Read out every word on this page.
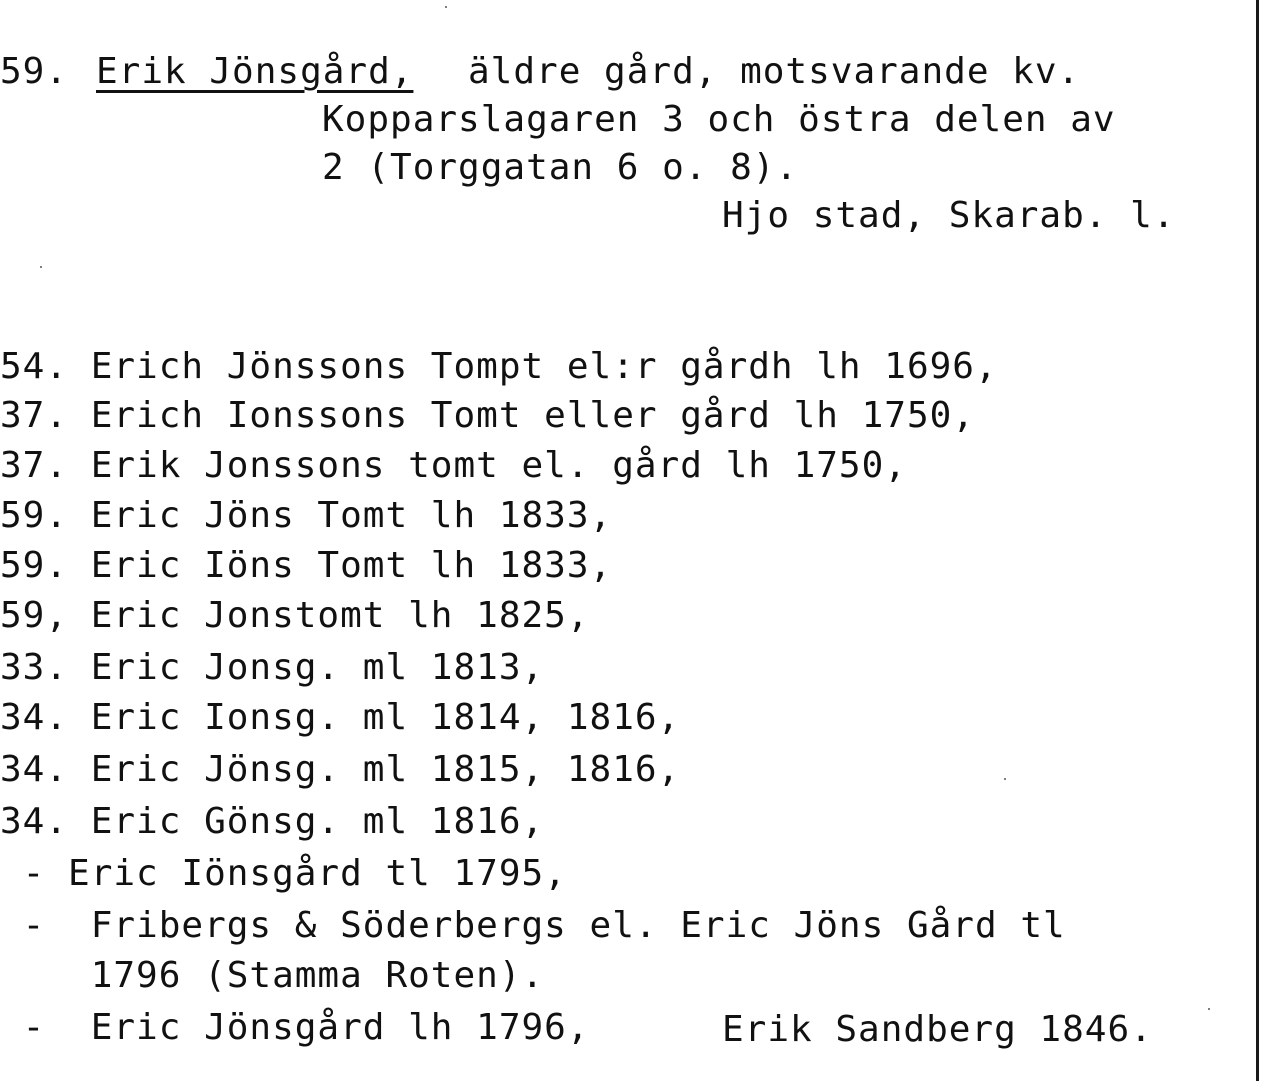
59. Erik Jönsgård, äldre gård, motsvarande kv.
Kopparslagaren 3 och östra delen av
2 (Torggatan 6 o. 8).
Hjo stad, Skarab. l.
54. Erich Jönssons Tompt el:r gårdh lh 1696,
37. Erich Ionssons Tomt eller gård lh 1750,
37. Erik Jonssons tomt el. gård lh 1750,
59. Eric Jöns Tomt lh 1833,
59. Eric Iöns Tomt lh 1833,
59, Eric Jonstomt lh 1825,
33. Eric Jonsg. ml 1813,
34. Eric Ionsg. ml 1814, 1816,
34. Eric Jönsg. ml 1815, 1816,
34. Eric Gönsg. ml 1816,
- Eric Iönsgård tl 1795,
-  Fribergs & Söderbergs el. Eric Jöns Gård tl
1796 (Stamma Roten).
-  Eric Jönsgård lh 1796,	Erik Sandberg 1846.
